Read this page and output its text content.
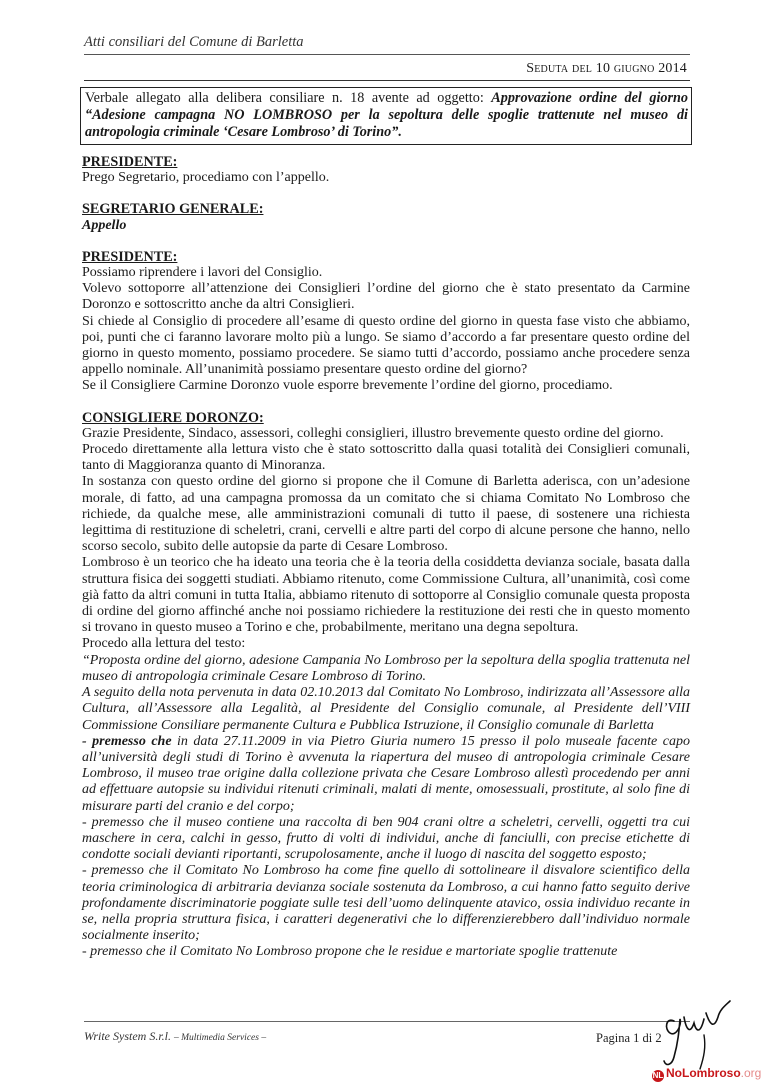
Atti consiliari del Comune di Barletta
Seduta del 10 giugno 2014
Verbale allegato alla delibera consiliare n. 18 avente ad oggetto: Approvazione ordine del giorno “Adesione campagna NO LOMBROSO per la sepoltura delle spoglie trattenute nel museo di antropologia criminale ‘Cesare Lombroso’ di Torino”.
PRESIDENTE:

Prego Segretario, procediamo con l’appello.

SEGRETARIO GENERALE:

Appello

PRESIDENTE:

Possiamo riprendere i lavori del Consiglio.

Volevo sottoporre all’attenzione dei Consiglieri l’ordine del giorno che è stato presentato da Carmine Doronzo e sottoscritto anche da altri Consiglieri.

Si chiede al Consiglio di procedere all’esame di questo ordine del giorno in questa fase visto che abbiamo, poi, punti che ci faranno lavorare molto più a lungo. Se siamo d’accordo a far presentare questo ordine del giorno in questo momento, possiamo procedere. Se siamo tutti d’accordo, possiamo anche procedere senza appello nominale. All’unanimità possiamo presentare questo ordine del giorno?

Se il Consigliere Carmine Doronzo vuole esporre brevemente l’ordine del giorno, procediamo.

CONSIGLIERE DORONZO:

Grazie Presidente, Sindaco, assessori, colleghi consiglieri, illustro brevemente questo ordine del giorno.

Procedo direttamente alla lettura visto che è stato sottoscritto dalla quasi totalità dei Consiglieri comunali, tanto di Maggioranza quanto di Minoranza.

In sostanza con questo ordine del giorno si propone che il Comune di Barletta aderisca, con un’adesione morale, di fatto, ad una campagna promossa da un comitato che si chiama Comitato No Lombroso che richiede, da qualche mese, alle amministrazioni comunali di tutto il paese, di sostenere una richiesta legittima di restituzione di scheletri, crani, cervelli e altre parti del corpo di alcune persone che hanno, nello scorso secolo, subito delle autopsie da parte di Cesare Lombroso.

Lombroso è un teorico che ha ideato una teoria che è la teoria della cosiddetta devianza sociale, basata dalla struttura fisica dei soggetti studiati. Abbiamo ritenuto, come Commissione Cultura, all’unanimità, così come già fatto da altri comuni in tutta Italia, abbiamo ritenuto di sottoporre al Consiglio comunale questa proposta di ordine del giorno affinché anche noi possiamo richiedere la restituzione dei resti che in questo momento si trovano in questo museo a Torino e che, probabilmente, meritano una degna sepoltura.

Procedo alla lettura del testo:

“Proposta ordine del giorno, adesione Campania No Lombroso per la sepoltura della spoglia trattenuta nel museo di antropologia criminale Cesare Lombroso di Torino.

A seguito della nota pervenuta in data 02.10.2013 dal Comitato No Lombroso, indirizzata all’Assessore alla Cultura, all’Assessore alla Legalità, al Presidente del Consiglio comunale, al Presidente dell’VIII Commissione Consiliare permanente Cultura e Pubblica Istruzione, il Consiglio comunale di Barletta

- premesso che in data 27.11.2009 in via Pietro Giuria numero 15 presso il polo museale facente capo all’università degli studi di Torino è avvenuta la riapertura del museo di antropologia criminale Cesare Lombroso, il museo trae origine dalla collezione privata che Cesare Lombroso allestì procedendo per anni ad effettuare autopsie su individui ritenuti criminali, malati di mente, omosessuali, prostitute, al solo fine di misurare parti del cranio e del corpo;

- premesso che il museo contiene una raccolta di ben 904 crani oltre a scheletri, cervelli, oggetti tra cui maschere in cera, calchi in gesso, frutto di volti di individui, anche di fanciulli, con precise etichette di condotte sociali devianti riportanti, scrupolosamente, anche il luogo di nascita del soggetto esposto;

- premesso che il Comitato No Lombroso ha come fine quello di sottolineare il disvalore scientifico della teoria criminologica di arbitraria devianza sociale sostenuta da Lombroso, a cui hanno fatto seguito derive profondamente discriminatorie poggiate sulle tesi dell’uomo delinquente atavico, ossia individuo recante in se, nella propria struttura fisica, i caratteri degenerativi che lo differenzierebbero dall’individuo normale socialmente inserito;

- premesso che il Comitato No Lombroso propone che le residue e martoriate spoglie trattenute

Write System S.r.l. – Multimedia Services –	Pagina 1 di 2
NL NoLombroso.org
